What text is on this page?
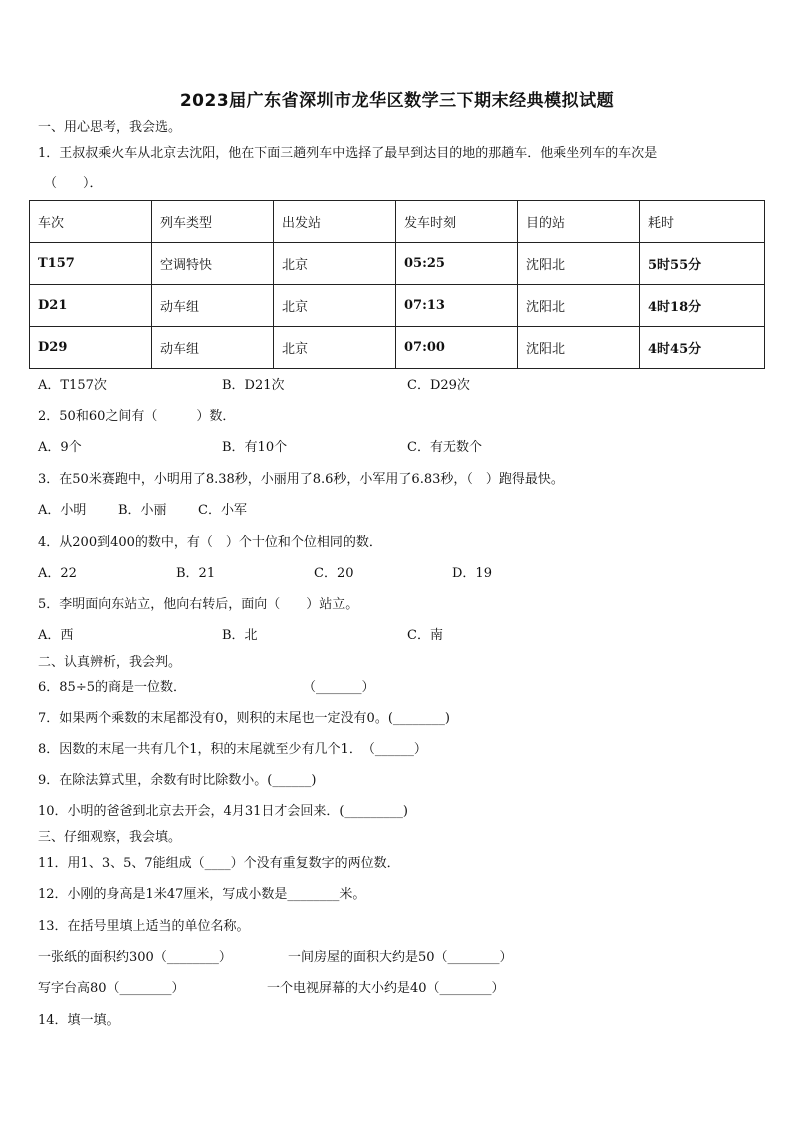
2023届广东省深圳市龙华区数学三下期末经典模拟试题
一、用心思考，我会选。
1．王叔叔乘火车从北京去沈阳，他在下面三趟列车中选择了最早到达目的地的那趟车．他乘坐列车的车次是
（　　）．
车次	列车类型	出发站	发车时刻	目的站	耗时
T157	空调特快	北京	05:25	沈阳北	5时55分
D21	动车组	北京	07:13	沈阳北	4时18分
D29	动车组	北京	07:00	沈阳北	4时45分
A．T157次	B．D21次	C．D29次
2．50和60之间有（　　　）数．
A．9个	B．有10个	C．有无数个
3．在50米赛跑中，小明用了8.38秒，小丽用了8.6秒，小军用了6.83秒，（　）跑得最快。
A．小明 B．小丽 C．小军
4．从200到400的数中，有（　）个十位和个位相同的数．
A．22	B．21	C．20	D．19
5．李明面向东站立，他向右转后，面向（　　）站立。
A．西	B．北	C．南
二、认真辨析，我会判。
6．85÷5的商是一位数．　　　　　　　　　　（_______）
7．如果两个乘数的末尾都没有0，则积的末尾也一定没有0。(________)
8．因数的末尾一共有几个1，积的末尾就至少有几个1．　（______）
9．在除法算式里，余数有时比除数小。(______)
10．小明的爸爸到北京去开会，4月31日才会回来．(_________)
三、仔细观察，我会填。
11．用1、3、5、7能组成（____）个没有重复数字的两位数．
12．小刚的身高是1米47厘米，写成小数是________米。
13．在括号里填上适当的单位名称。
一张纸的面积约300（________）	一间房屋的面积大约是50（________）
写字台高80（________）	一个电视屏幕的大小约是40（________）
14．填一填。
